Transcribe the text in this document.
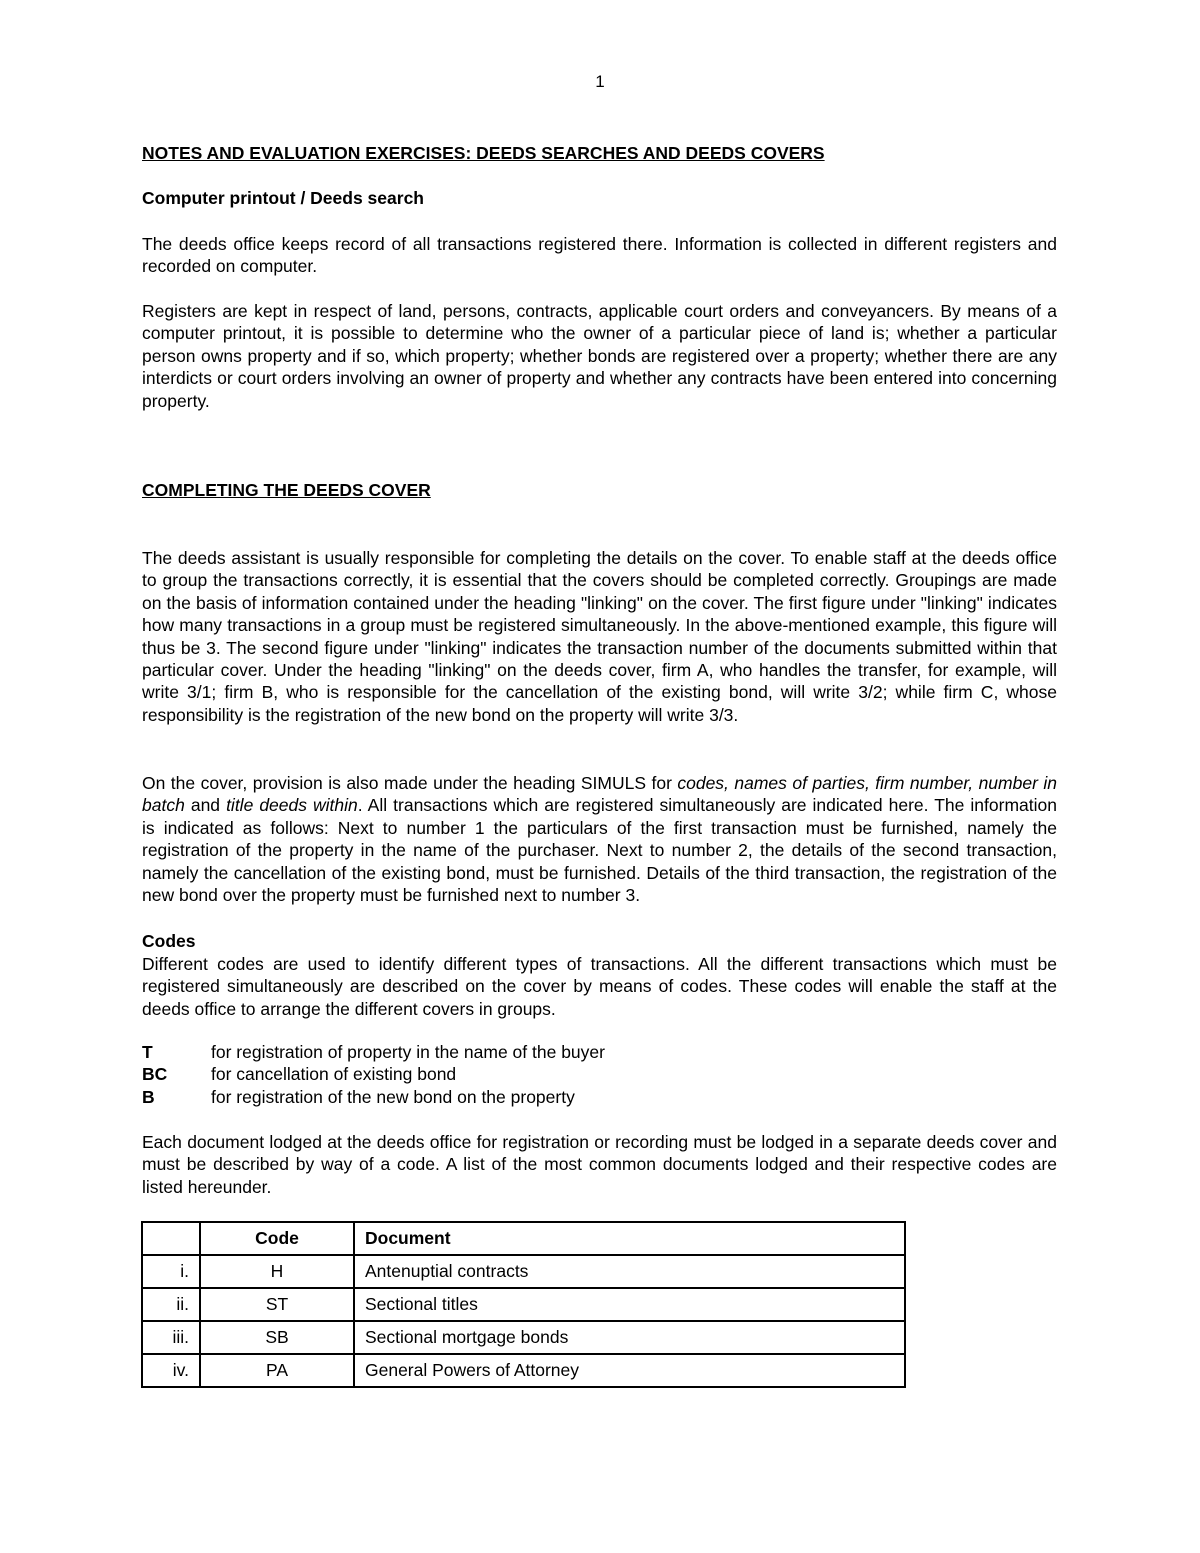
1
NOTES AND EVALUATION EXERCISES: DEEDS SEARCHES AND DEEDS COVERS
Computer printout / Deeds search

The deeds office keeps record of all transactions registered there. Information is collected in different registers and recorded on computer.

Registers are kept in respect of land, persons, contracts, applicable court orders and conveyancers. By means of a computer printout, it is possible to determine who the owner of a particular piece of land is; whether a particular person owns property and if so, which property; whether bonds are registered over a property; whether there are any interdicts or court orders involving an owner of property and whether any contracts have been entered into concerning property.

COMPLETING THE DEEDS COVER

The deeds assistant is usually responsible for completing the details on the cover. To enable staff at the deeds office to group the transactions correctly, it is essential that the covers should be completed correctly. Groupings are made on the basis of information contained under the heading "linking" on the cover. The first figure under "linking" indicates how many transactions in a group must be registered simultaneously. In the above-mentioned example, this figure will thus be 3. The second figure under "linking" indicates the transaction number of the documents submitted within that particular cover. Under the heading "linking" on the deeds cover, firm A, who handles the transfer, for example, will write 3/1; firm B, who is responsible for the cancellation of the existing bond, will write 3/2; while firm C, whose responsibility is the registration of the new bond on the property will write 3/3.

On the cover, provision is also made under the heading SIMULS for codes, names of parties, firm number, number in batch and title deeds within. All transactions which are registered simultaneously are indicated here. The information is indicated as follows: Next to number 1 the particulars of the first transaction must be furnished, namely the registration of the property in the name of the purchaser. Next to number 2, the details of the second transaction, namely the cancellation of the existing bond, must be furnished. Details of the third transaction, the registration of the new bond over the property must be furnished next to number 3.

Codes

Different codes are used to identify different types of transactions. All the different transactions which must be registered simultaneously are described on the cover by means of codes. These codes will enable the staff at the deeds office to arrange the different covers in groups.

T	for registration of property in the name of the buyer
BC	for cancellation of existing bond
B	for registration of the new bond on the property

Each document lodged at the deeds office for registration or recording must be lodged in a separate deeds cover and must be described by way of a code. A list of the most common documents lodged and their respective codes are listed hereunder.

	Code	Document
i.	H	Antenuptial contracts
ii.	ST	Sectional titles
iii.	SB	Sectional mortgage bonds
iv.	PA	General Powers of Attorney
